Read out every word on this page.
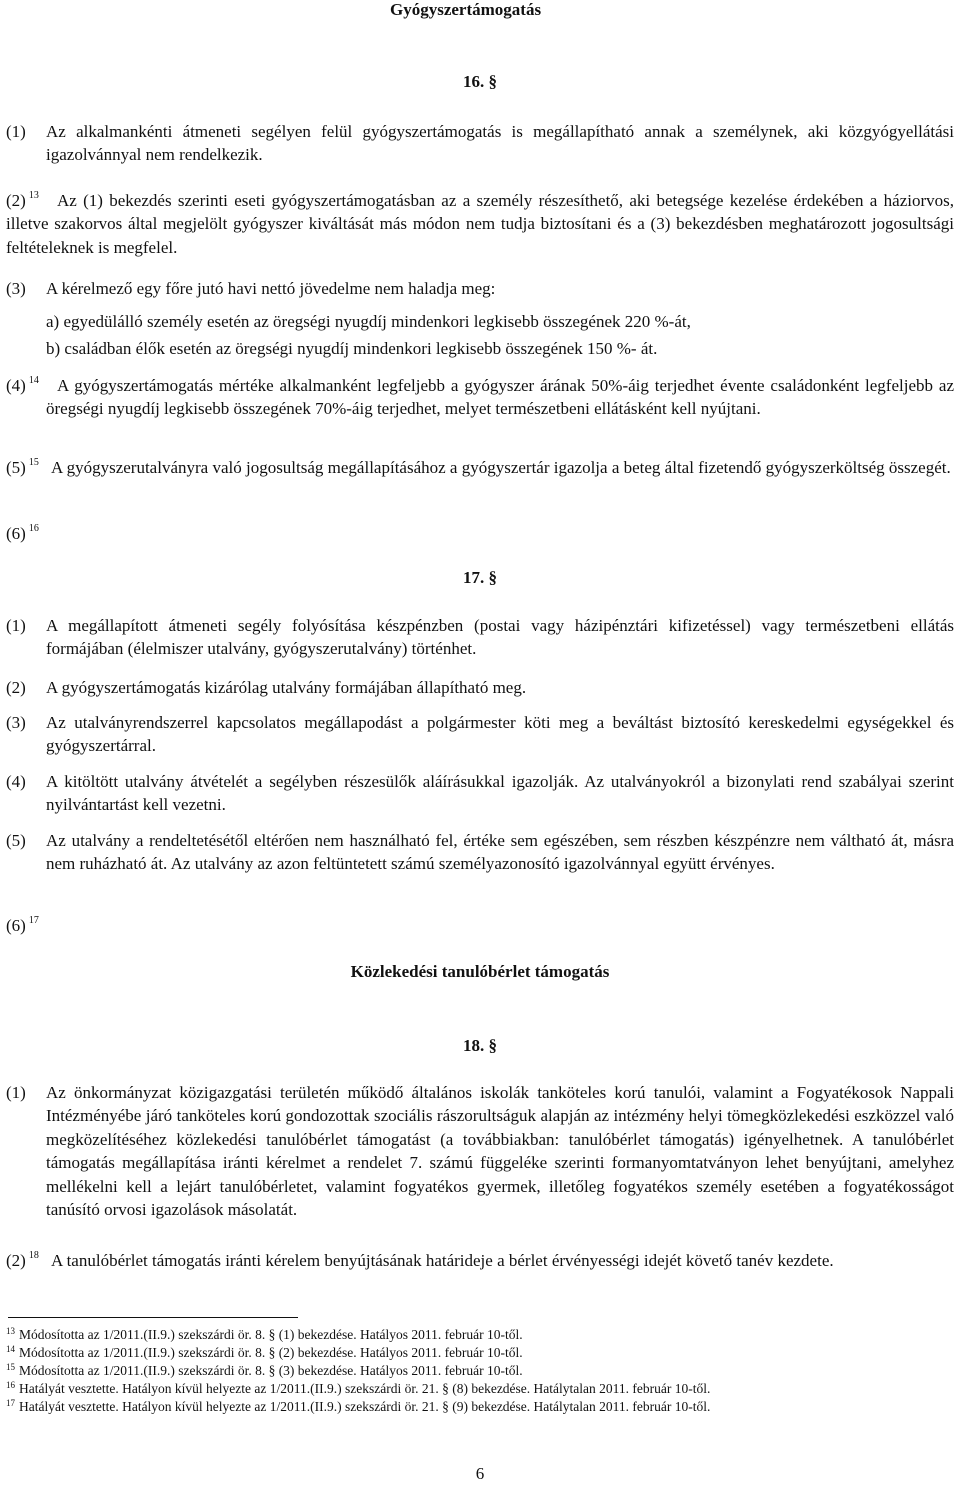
Gyógyszertámogatás
16. §
(1) Az alkalmankénti átmeneti segélyen felül gyógyszertámogatás is megállapítható annak a személynek, aki közgyógyellátási igazolvánnyal nem rendelkezik.
(2) $^{13}$	Az (1) bekezdés szerinti eseti gyógyszertámogatásban az a személy részesíthető, aki betegsége kezelése érdekében a háziorvos, illetve szakorvos által megjelölt gyógyszer kiváltását más módon nem tudja biztosítani és a (3) bekezdésben meghatározott jogosultsági feltételeknek is megfelel.
(3) A kérelmező egy főre jutó havi nettó jövedelme nem haladja meg:
a) egyedülálló személy esetén az öregségi nyugdíj mindenkori legkisebb összegének 220 %-át,
b) családban élők esetén az öregségi nyugdíj mindenkori legkisebb összegének 150 %- át.
(4) $^{14}$	A gyógyszertámogatás mértéke alkalmanként legfeljebb a gyógyszer árának 50%-áig terjedhet évente családonként legfeljebb az öregségi nyugdíj legkisebb összegének 70%-áig terjedhet, melyet természetbeni ellátásként kell nyújtani.
(5) $^{15}$ A gyógyszerutalványra való jogosultság megállapításához a gyógyszertár igazolja a beteg által fizetendő gyógyszerköltség összegét.
(6) $^{16}$
17. §
(1) A megállapított átmeneti segély folyósítása készpénzben (postai vagy házipénztári kifizetéssel) vagy természetbeni ellátás formájában (élelmiszer utalvány, gyógyszerutalvány) történhet.
(2) A gyógyszertámogatás kizárólag utalvány formájában állapítható meg.
(3) Az utalványrendszerrel kapcsolatos megállapodást a polgármester köti meg a beváltást biztosító kereskedelmi egységekkel és gyógyszertárral.
(4) A kitöltött utalvány átvételét a segélyben részesülők aláírásukkal igazolják. Az utalványokról a bizonylati rend szabályai szerint nyilvántartást kell vezetni.
(5) Az utalvány a rendeltetésétől eltérően nem használható fel, értéke sem egészében, sem részben készpénzre nem váltható át, másra nem ruházható át. Az utalvány az azon feltüntetett számú személyazonosító igazolvánnyal együtt érvényes.
(6) $^{17}$
Közlekedési tanulóbérlet támogatás
18. §
(1) Az önkormányzat közigazgatási területén működő általános iskolák tanköteles korú tanulói, valamint a Fogyatékosok Nappali Intézményébe járó tanköteles korú gondozottak szociális rászorultságuk alapján az intézmény helyi tömegközlekedési eszközzel való megközelítéséhez közlekedési tanulóbérlet támogatást (a továbbiakban: tanulóbérlet támogatás) igényelhetnek. A tanulóbérlet támogatás megállapítása iránti kérelmet a rendelet 7. számú függeléke szerinti formanyomtatványon lehet benyújtani, amelyhez mellékelni kell a lejárt tanulóbérletet, valamint fogyatékos gyermek, illetőleg fogyatékos személy esetében a fogyatékosságot tanúsító orvosi igazolások másolatát.
(2) $^{18}$ A tanulóbérlet támogatás iránti kérelem benyújtásának határideje a bérlet érvényességi idejét követő tanév kezdete.
$^{13}$ Módosította az 1/2011.(II.9.) szekszárdi ör. 8. § (1) bekezdése. Hatályos 2011. február 10-től.
$^{14}$ Módosította az 1/2011.(II.9.) szekszárdi ör. 8. § (2) bekezdése. Hatályos 2011. február 10-től.
$^{15}$ Módosította az 1/2011.(II.9.) szekszárdi ör. 8. § (3) bekezdése. Hatályos 2011. február 10-től.
$^{16}$ Hatályát vesztette. Hatályon kívül helyezte az 1/2011.(II.9.) szekszárdi ör. 21. § (8) bekezdése. Hatálytalan 2011. február 10-től.
$^{17}$ Hatályát vesztette. Hatályon kívül helyezte az 1/2011.(II.9.) szekszárdi ör. 21. § (9) bekezdése. Hatálytalan 2011. február 10-től.
6
